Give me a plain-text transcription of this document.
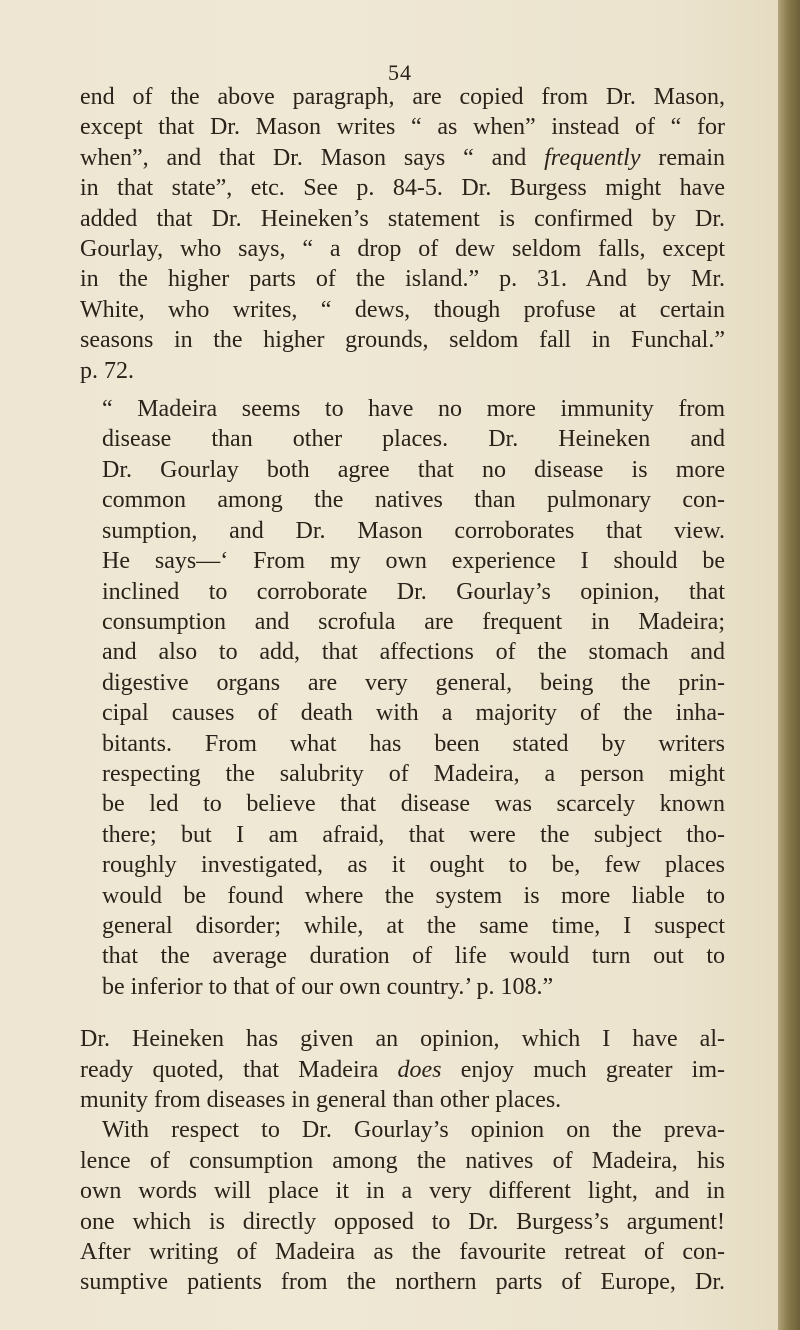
54
end of the above paragraph, are copied from Dr. Mason,
except that Dr. Mason writes “ as when” instead of “ for
when”, and that Dr. Mason says “ and frequently remain
in that state”, etc. See p. 84-5. Dr. Burgess might have
added that Dr. Heineken’s statement is confirmed by Dr.
Gourlay, who says, “ a drop of dew seldom falls, except
in the higher parts of the island.” p. 31. And by Mr.
White, who writes, “ dews, though profuse at certain
seasons in the higher grounds, seldom fall in Funchal.”
p. 72.
“ Madeira seems to have no more immunity from
disease than other places. Dr. Heineken and
Dr. Gourlay both agree that no disease is more
common among the natives than pulmonary con-
sumption, and Dr. Mason corroborates that view.
He says—‘ From my own experience I should be
inclined to corroborate Dr. Gourlay’s opinion, that
consumption and scrofula are frequent in Madeira;
and also to add, that affections of the stomach and
digestive organs are very general, being the prin-
cipal causes of death with a majority of the inha-
bitants. From what has been stated by writers
respecting the salubrity of Madeira, a person might
be led to believe that disease was scarcely known
there; but I am afraid, that were the subject tho-
roughly investigated, as it ought to be, few places
would be found where the system is more liable to
general disorder; while, at the same time, I suspect
that the average duration of life would turn out to
be inferior to that of our own country.’ p. 108.”
Dr. Heineken has given an opinion, which I have al-
ready quoted, that Madeira does enjoy much greater im-
munity from diseases in general than other places.
With respect to Dr. Gourlay’s opinion on the preva-
lence of consumption among the natives of Madeira, his
own words will place it in a very different light, and in
one which is directly opposed to Dr. Burgess’s argument!
After writing of Madeira as the favourite retreat of con-
sumptive patients from the northern parts of Europe, Dr.
